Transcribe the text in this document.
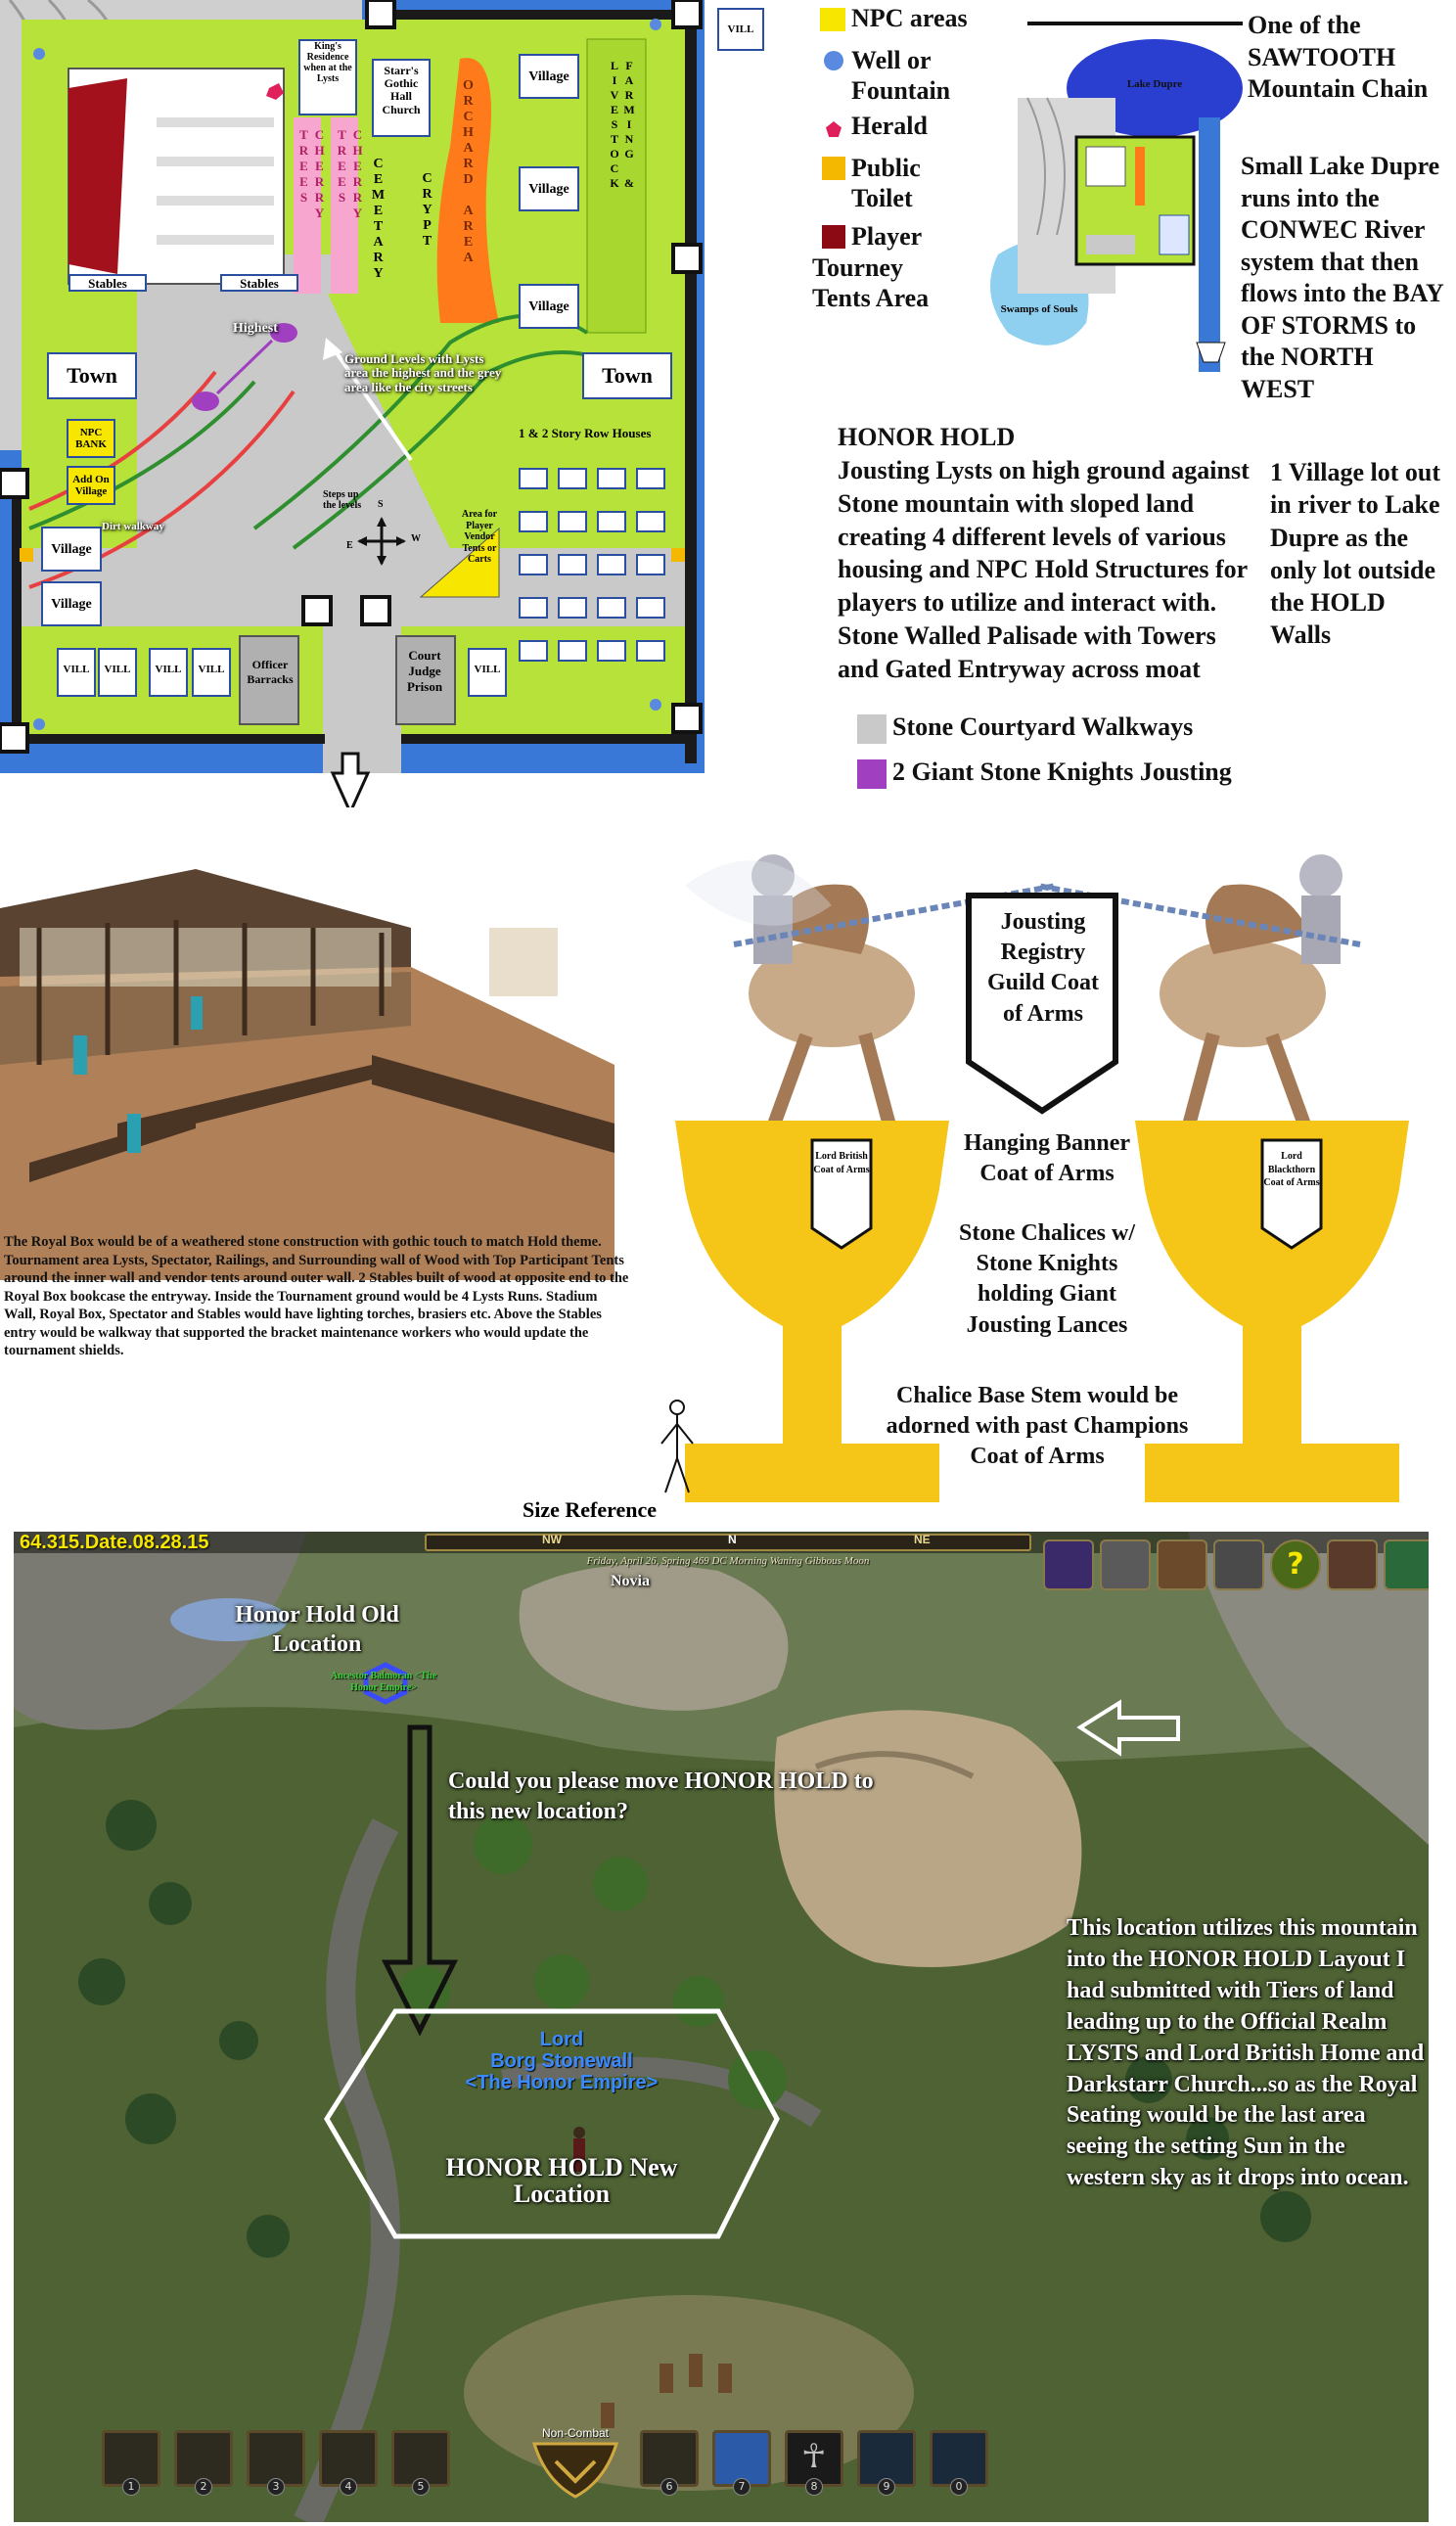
VILL
King's Residence when at the Lysts
Starr's Gothic Hall Church
CHERRY TREES	CHERRY TREES	CEMETARY	CRYPT ORCHARD AREA	FARMING & LIVESTOCK
Village
Village
Village
Village
Village
Stables	Stables
Highest
Ground Levels with Lysts area the highest and the grey area like the city streets
Town	Town
NPC BANK
Add On Village
Dirt walkway
1 & 2 Story Row Houses
Steps up the levels	S
W
E
Area for Player Vendor Tents or Carts
VILL	VILL	VILL	VILL	VILL
Officer Barracks
Court Judge Prison
NPC areas
Well or Fountain
Herald
Public Toilet
Player Tourney Tents Area
Lake Dupre
Swamps of Souls
One of the SAWTOOTH Mountain Chain
Small Lake Dupre runs into the CONWEC River system that then flows into the BAY OF STORMS to the NORTH WEST
1 Village lot out in river to Lake Dupre as the only lot outside the HOLD Walls
HONOR HOLD
Jousting Lysts on high ground against Stone mountain with sloped land creating 4 different levels of various housing and NPC Hold Structures for players to utilize and interact with. Stone Walled Palisade with Towers and Gated Entryway across moat
Stone Courtyard Walkways
2 Giant Stone Knights Jousting
The Royal Box would be of a weathered stone construction with gothic touch to match Hold theme. Tournament area Lysts, Spectator, Railings, and Surrounding wall of Wood with Top Participant Tents around the inner wall and vendor tents around outer wall. 2 Stables built of wood at opposite end to the Royal Box bookcase the entryway. Inside the Tournament ground would be 4 Lysts Runs. Stadium Wall, Royal Box, Spectator and Stables would have lighting torches, brasiers etc. Above the Stables entry would be walkway that supported the bracket maintenance workers who would update the tournament shields.
Jousting Registry Guild Coat of Arms
Lord British Coat of Arms
Lord Blackthorn Coat of Arms
Hanging Banner Coat of Arms
Stone Chalices w/ Stone Knights holding Giant Jousting Lances
Chalice Base Stem would be adorned with past Champions Coat of Arms
Size Reference
64.315.Date.08.28.15	NW	N	NE
Friday, April 26, Spring 469 DC Morning Waning Gibbous Moon
Novia	?
Honor Hold Old Location
Ancestor Balmoran <The Honor Empire>
Could you please move HONOR HOLD to this new location?
Lord
Borg Stonewall
<The Honor Empire>
HONOR HOLD New Location
This location utilizes this mountain into the HONOR HOLD Layout I had submitted with Tiers of land leading up to the Official Realm LYSTS and Lord British Home and Darkstarr Church...so as the Royal Seating would be the last area seeing the setting Sun in the western sky as it drops into ocean.
1	2	3	4	5
Non-Combat
6	7
☥
8	9	0
